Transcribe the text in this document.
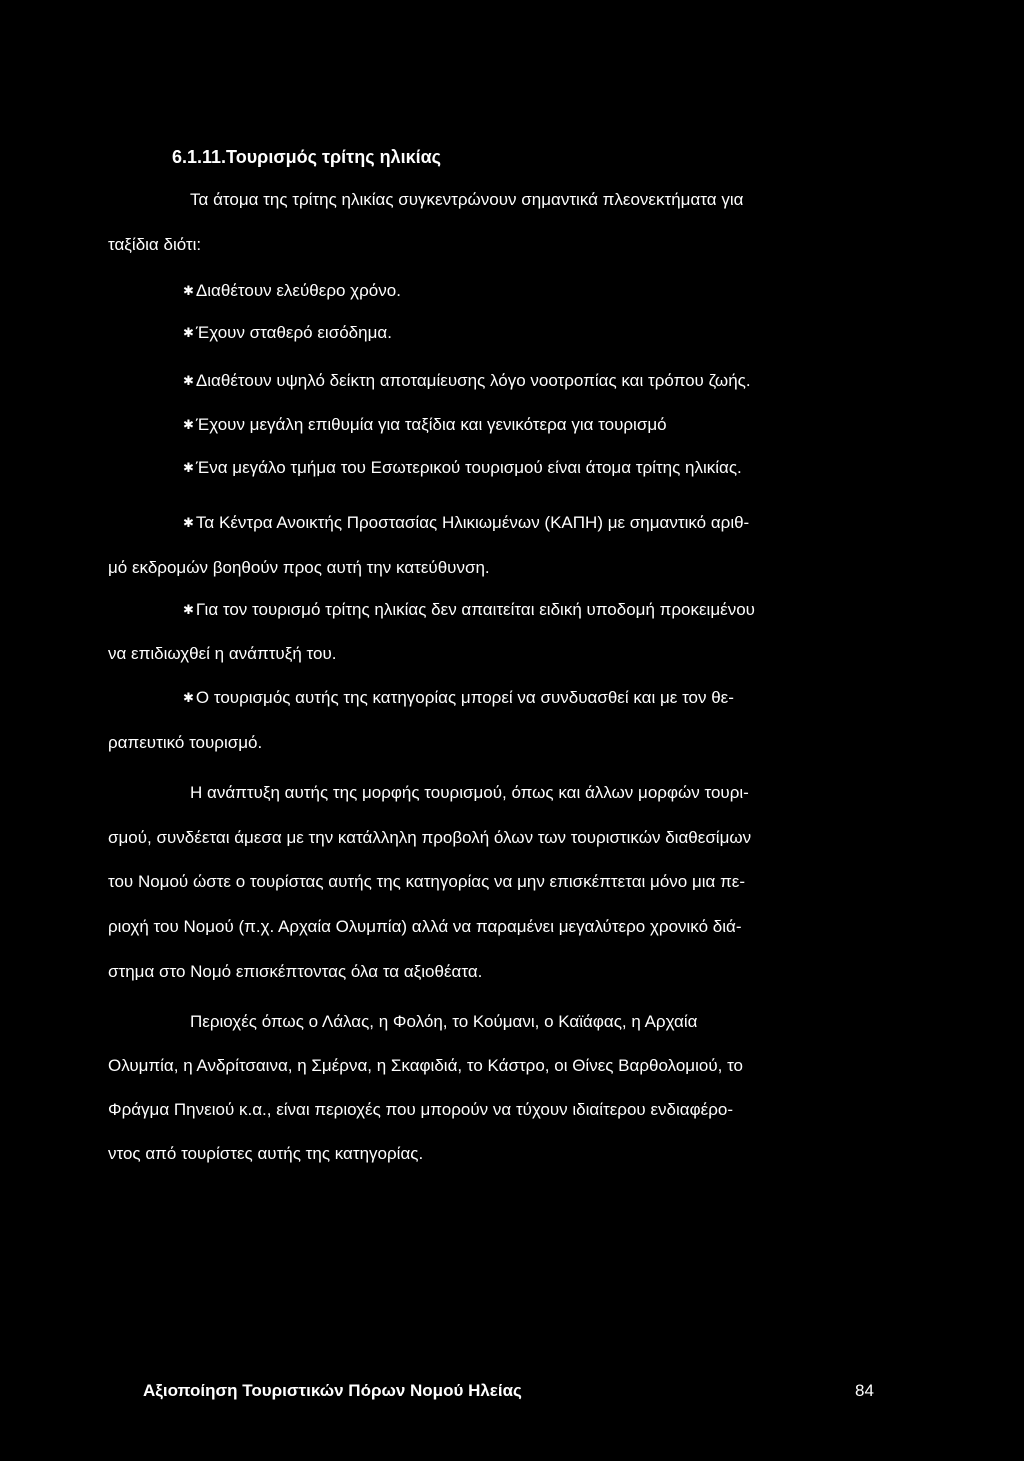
6.1.11.Τουρισμός τρίτης ηλικίας
Τα άτομα της τρίτης ηλικίας συγκεντρώνουν σημαντικά πλεονεκτήματα για
ταξίδια διότι:
✱ Διαθέτουν ελεύθερο χρόνο.
✱ Έχουν σταθερό εισόδημα.
✱ Διαθέτουν υψηλό δείκτη αποταμίευσης λόγο νοοτροπίας και τρόπου ζωής.
✱ Έχουν μεγάλη επιθυμία για ταξίδια και γενικότερα για τουρισμό
✱ Ένα μεγάλο τμήμα του Εσωτερικού τουρισμού είναι άτομα τρίτης ηλικίας.
✱ Τα Κέντρα Ανοικτής Προστασίας Ηλικιωμένων (ΚΑΠΗ) με σημαντικό αριθ-
μό εκδρομών βοηθούν προς αυτή την κατεύθυνση.
✱ Για τον τουρισμό τρίτης ηλικίας δεν απαιτείται ειδική υποδομή προκειμένου
να επιδιωχθεί η ανάπτυξή του.
✱ Ο τουρισμός αυτής της κατηγορίας μπορεί να συνδυασθεί και με τον θε-
ραπευτικό τουρισμό.
Η ανάπτυξη αυτής της μορφής τουρισμού, όπως και άλλων μορφών τουρι-
σμού, συνδέεται άμεσα με την κατάλληλη προβολή όλων των τουριστικών διαθεσίμων
του Νομού ώστε ο τουρίστας αυτής της κατηγορίας να μην επισκέπτεται μόνο μια πε-
ριοχή του Νομού (π.χ. Αρχαία Ολυμπία) αλλά να παραμένει μεγαλύτερο χρονικό διά-
στημα στο Νομό επισκέπτοντας όλα τα αξιοθέατα.
Περιοχές όπως ο Λάλας, η Φολόη, το Κούμανι, ο Καϊάφας, η Αρχαία
Ολυμπία, η Ανδρίτσαινα, η Σμέρνα, η Σκαφιδιά, το Κάστρο, οι Θίνες Βαρθολομιού, το
Φράγμα Πηνειού κ.α., είναι περιοχές που μπορούν να τύχουν ιδιαίτερου ενδιαφέρο-
ντος από τουρίστες αυτής της κατηγορίας.
Αξιοποίηση Τουριστικών Πόρων Νομού Ηλείας	84
